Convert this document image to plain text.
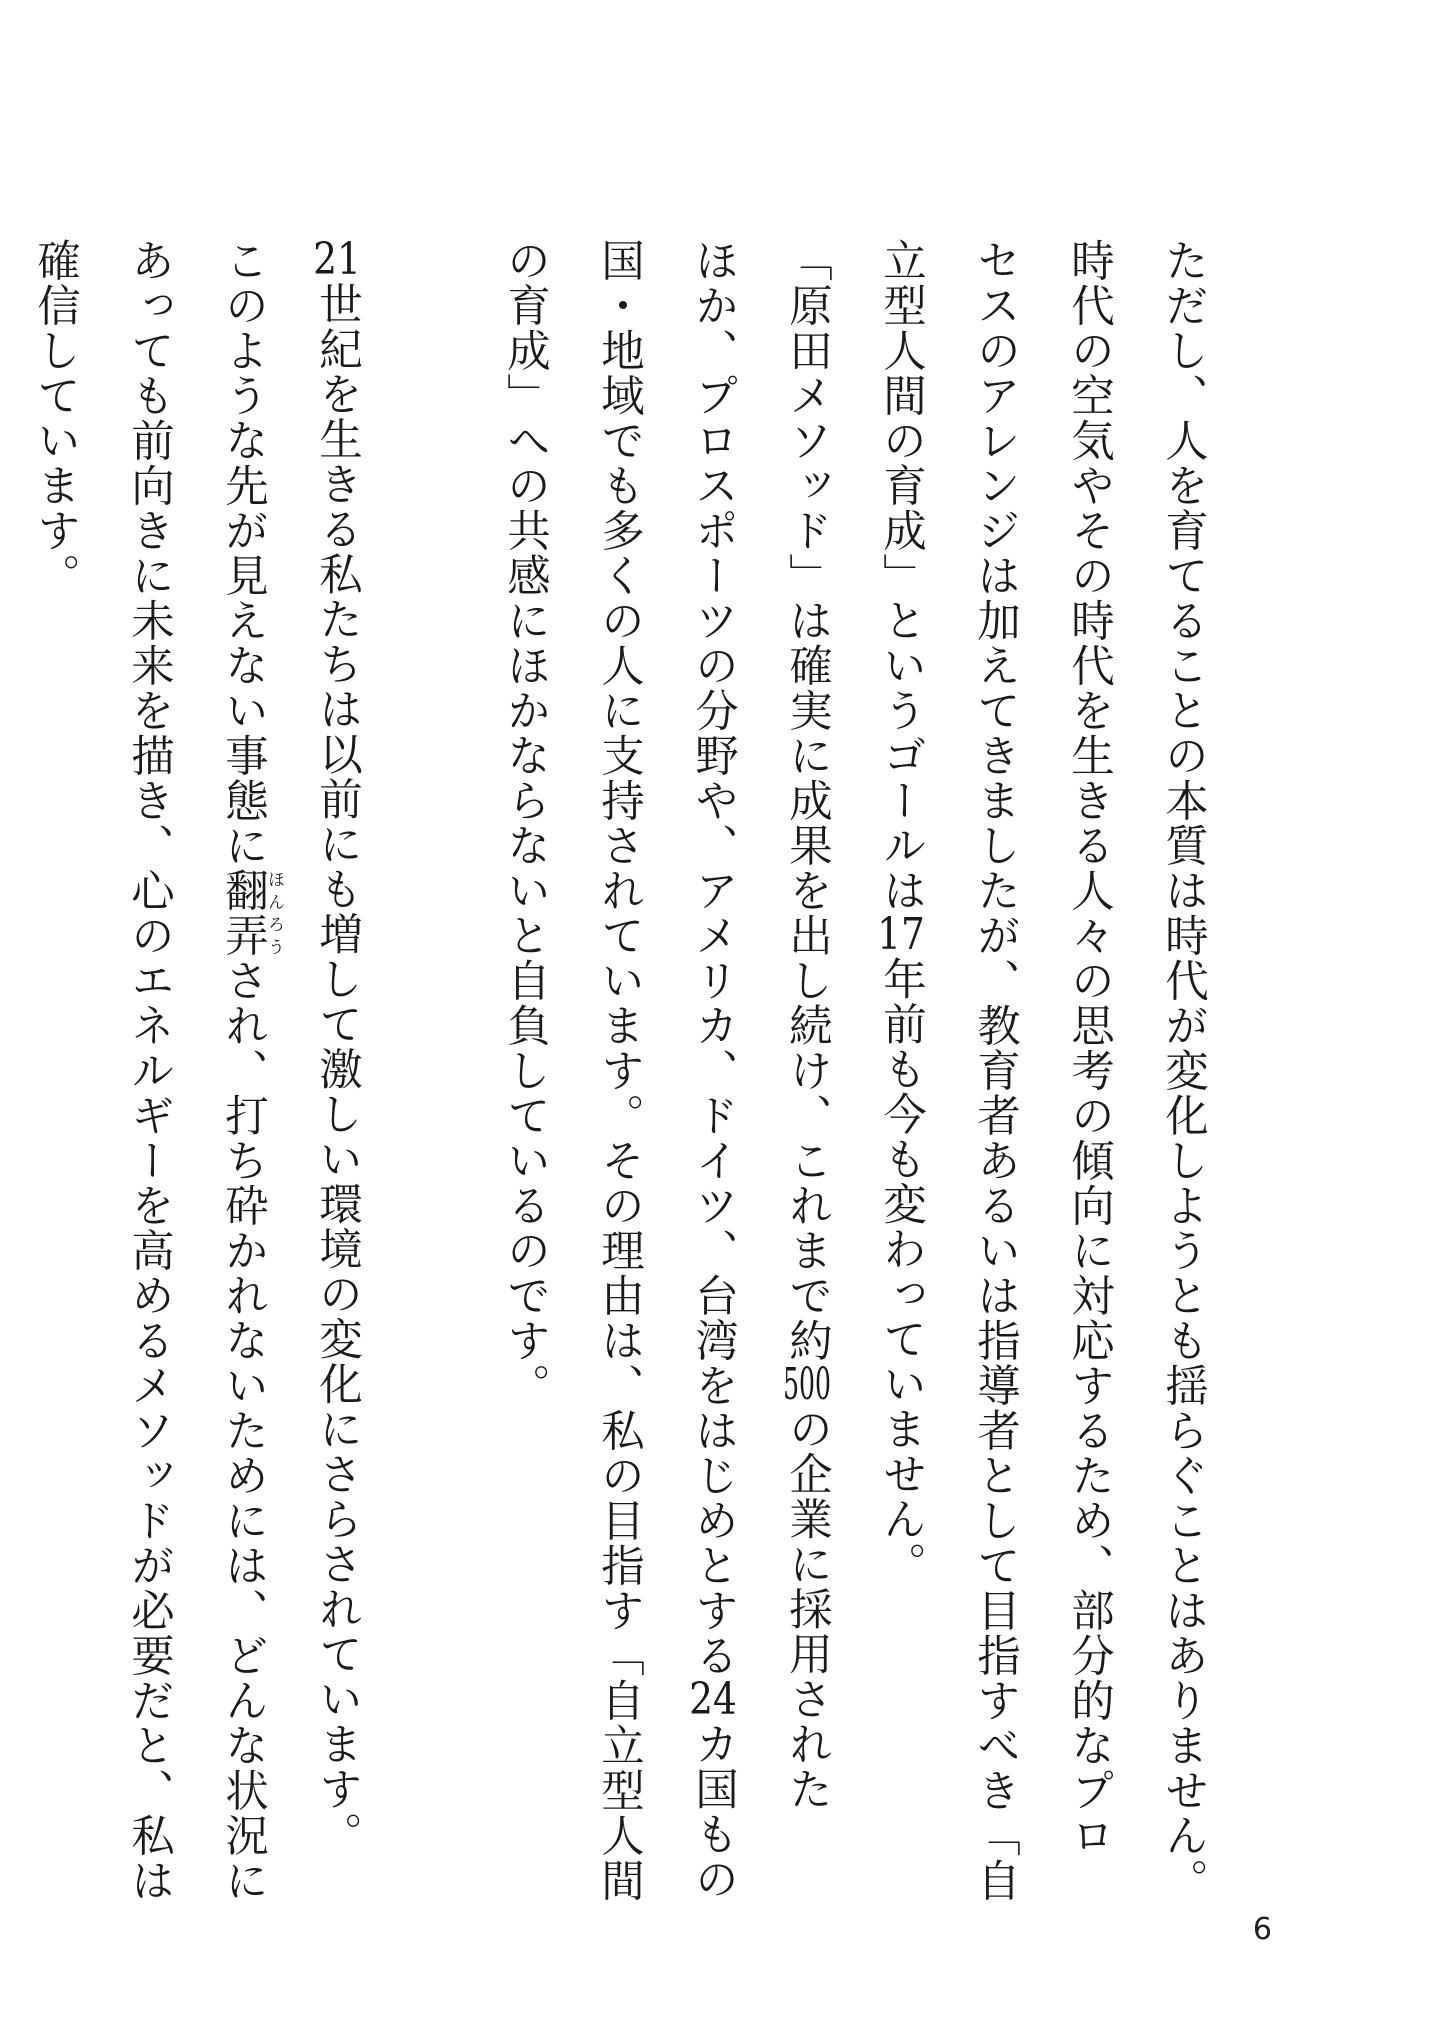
ただし、人を育てることの本質は時代が変化しようとも揺らぐことはありません。
時代の空気やその時代を生きる人々の思考の傾向に対応するため、部分的なプロ
セスのアレンジは加えてきましたが、教育者あるいは指導者として目指すべき「自
立型人間の育成」というゴールは17年前も今も変わっていません。
「原田メソッド」は確実に成果を出し続け、これまで約500の企業に採用された
ほか、プロスポーツの分野や、アメリカ、ドイツ、台湾をはじめとする24カ国もの
国・地域でも多くの人に支持されています。その理由は、私の目指す「自立型人間
の育成」への共感にほかならないと自負しているのです。
21世紀を生きる私たちは以前にも増して激しい環境の変化にさらされています。
このような先が見えない事態に翻弄ほんろうされ、打ち砕かれないためには、どんな状況に
あっても前向きに未来を描き、心のエネルギーを高めるメソッドが必要だと、私は
確信しています。
6
